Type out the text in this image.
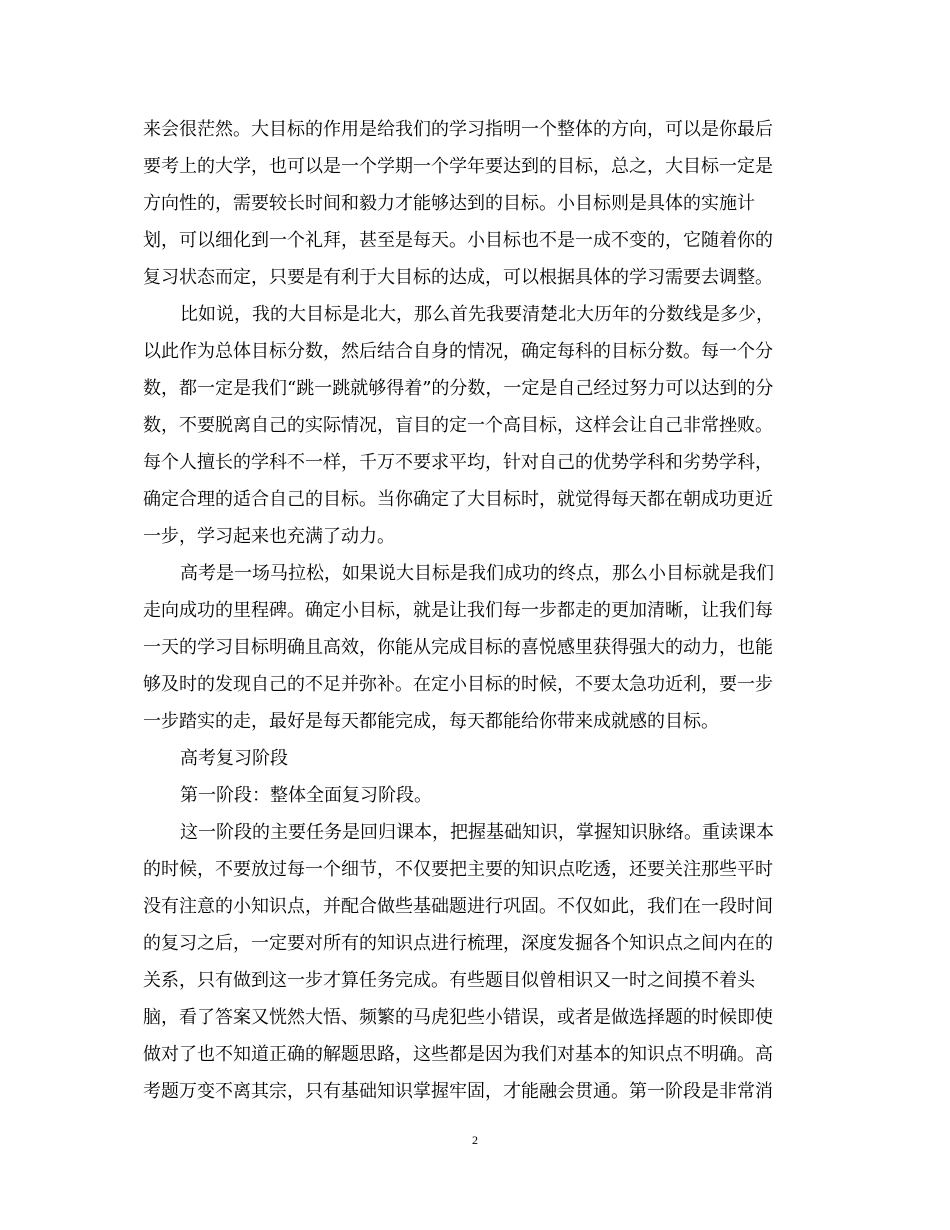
来会很茫然。大目标的作用是给我们的学习指明一个整体的方向，可以是你最后
要考上的大学，也可以是一个学期一个学年要达到的目标，总之，大目标一定是
方向性的，需要较长时间和毅力才能够达到的目标。小目标则是具体的实施计
划，可以细化到一个礼拜，甚至是每天。小目标也不是一成不变的，它随着你的
复习状态而定，只要是有利于大目标的达成，可以根据具体的学习需要去调整。
比如说，我的大目标是北大，那么首先我要清楚北大历年的分数线是多少，
以此作为总体目标分数，然后结合自身的情况，确定每科的目标分数。每一个分
数，都一定是我们“跳一跳就够得着”的分数，一定是自己经过努力可以达到的分
数，不要脱离自己的实际情况，盲目的定一个高目标，这样会让自己非常挫败。
每个人擅长的学科不一样，千万不要求平均，针对自己的优势学科和劣势学科，
确定合理的适合自己的目标。当你确定了大目标时，就觉得每天都在朝成功更近
一步，学习起来也充满了动力。
高考是一场马拉松，如果说大目标是我们成功的终点，那么小目标就是我们
走向成功的里程碑。确定小目标，就是让我们每一步都走的更加清晰，让我们每
一天的学习目标明确且高效，你能从完成目标的喜悦感里获得强大的动力，也能
够及时的发现自己的不足并弥补。在定小目标的时候，不要太急功近利，要一步
一步踏实的走，最好是每天都能完成，每天都能给你带来成就感的目标。
高考复习阶段
第一阶段：整体全面复习阶段。
这一阶段的主要任务是回归课本，把握基础知识，掌握知识脉络。重读课本
的时候，不要放过每一个细节，不仅要把主要的知识点吃透，还要关注那些平时
没有注意的小知识点，并配合做些基础题进行巩固。不仅如此，我们在一段时间
的复习之后，一定要对所有的知识点进行梳理，深度发掘各个知识点之间内在的
关系，只有做到这一步才算任务完成。有些题目似曾相识又一时之间摸不着头
脑，看了答案又恍然大悟、频繁的马虎犯些小错误，或者是做选择题的时候即使
做对了也不知道正确的解题思路，这些都是因为我们对基本的知识点不明确。高
考题万变不离其宗，只有基础知识掌握牢固，才能融会贯通。第一阶段是非常消
2
